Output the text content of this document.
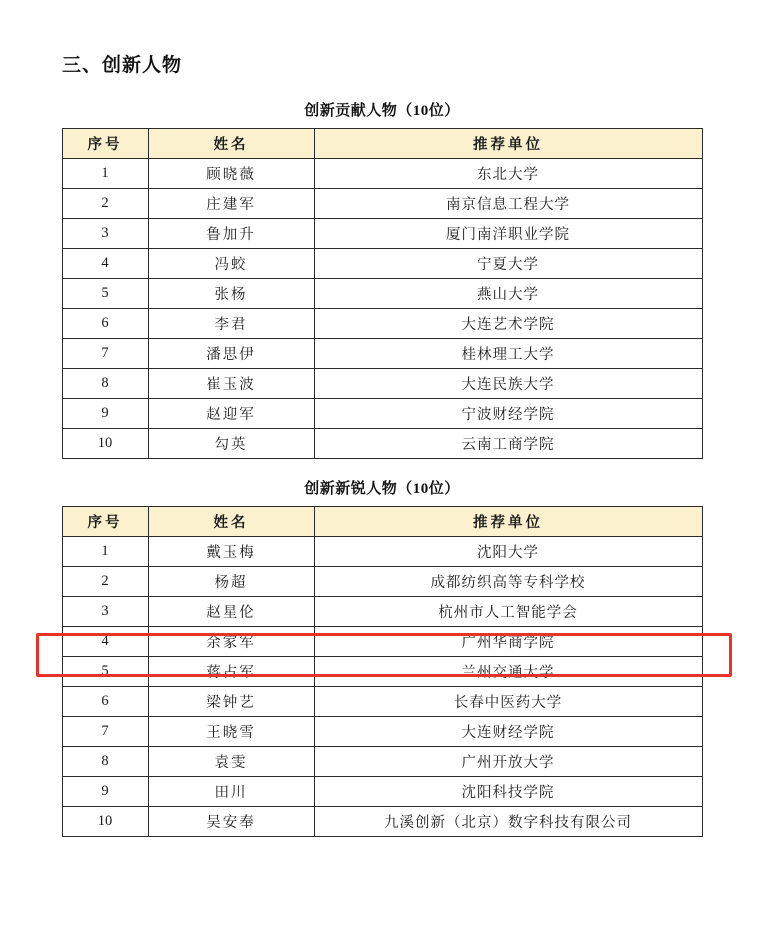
三、创新人物
创新贡献人物（10位）
序号	姓名	推荐单位
1	顾晓薇	东北大学
2	庄建军	南京信息工程大学
3	鲁加升	厦门南洋职业学院
4	冯蛟	宁夏大学
5	张杨	燕山大学
6	李君	大连艺术学院
7	潘思伊	桂林理工大学
8	崔玉波	大连民族大学
9	赵迎军	宁波财经学院
10	勾英	云南工商学院
创新新锐人物（10位）
序号	姓名	推荐单位
1	戴玉梅	沈阳大学
2	杨超	成都纺织高等专科学校
3	赵星伦	杭州市人工智能学会
4	余家军	广州华商学院
5	蒋占军	兰州交通大学
6	梁钟艺	长春中医药大学
7	王晓雪	大连财经学院
8	袁雯	广州开放大学
9	田川	沈阳科技学院
10	吴安奉	九溪创新（北京）数字科技有限公司
